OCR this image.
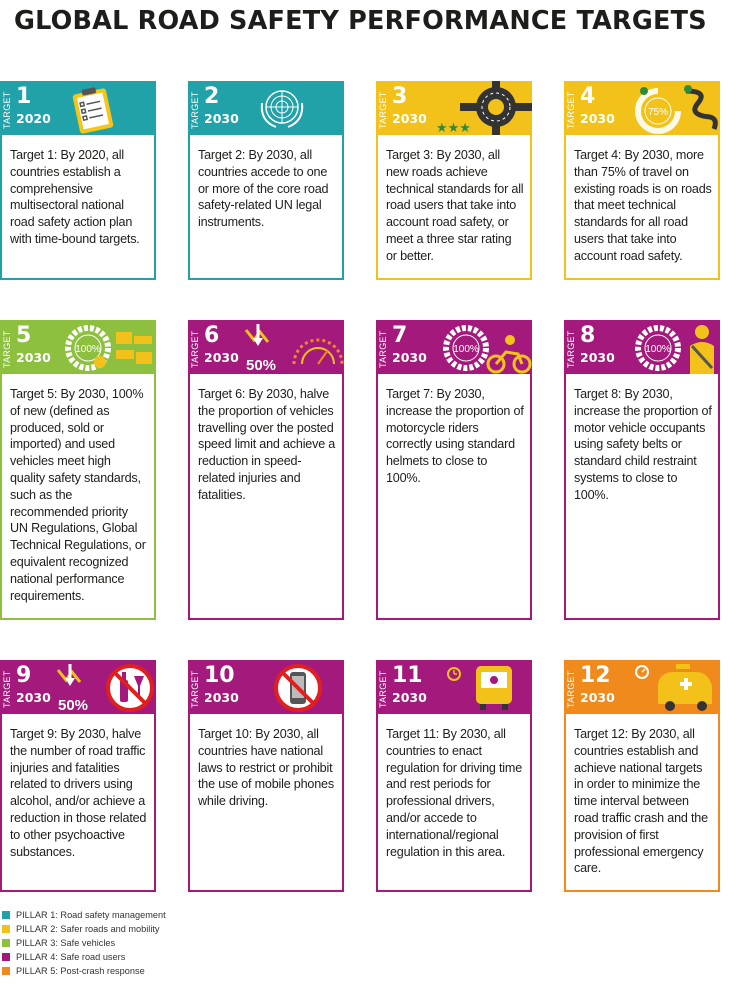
GLOBAL ROAD SAFETY PERFORMANCE TARGETS
TARGET 1
2020
Target 1: By 2020, all countries establish a comprehensive multisectoral national road safety action plan with time-bound targets.
TARGET 2
2030
Target 2: By 2030, all countries accede to one or more of the core road safety-related UN legal instruments.
TARGET 3
2030
★★★
Target 3: By 2030, all new roads achieve technical standards for all road users that take into account road safety, or meet a three star rating or better.
TARGET 4
2030	75%
Target 4: By 2030, more than 75% of travel on existing roads is on roads that meet technical standards for all road users that take into account road safety.
TARGET 5
2030
100%
Target 5: By 2030, 100% of new (defined as produced, sold or imported) and used vehicles meet high quality safety standards, such as the recommended priority UN Regulations, Global Technical Regulations, or equivalent recognized national performance requirements.
TARGET 6
2030 50%
Target 6: By 2030, halve the proportion of vehicles travelling over the posted speed limit and achieve a reduction in speed-related injuries and fatalities.
TARGET 7
2030
100%
Target 7: By 2030, increase the proportion of motorcycle riders correctly using standard helmets to close to 100%.
TARGET 8
2030
100%
Target 8: By 2030, increase the proportion of motor vehicle occupants using safety belts or standard child restraint systems to close to 100%.
TARGET 9
2030 50%
Target 9: By 2030, halve the number of road traffic injuries and fatalities related to drivers using alcohol, and/or achieve a reduction in those related to other psychoactive substances.
TARGET 10
2030
Target 10: By 2030, all countries have national laws to restrict or prohibit the use of mobile phones while driving.
TARGET 11
2030
Target 11: By 2030, all countries to enact regulation for driving time and rest periods for professional drivers, and/or accede to international/regional regulation in this area.
TARGET 12
2030
Target 12: By 2030, all countries establish and achieve national targets in order to minimize the time interval between road traffic crash and the provision of first professional emergency care.
PILLAR 1: Road safety management
PILLAR 2: Safer roads and mobility
PILLAR 3: Safe vehicles
PILLAR 4: Safe road users
PILLAR 5: Post-crash response
